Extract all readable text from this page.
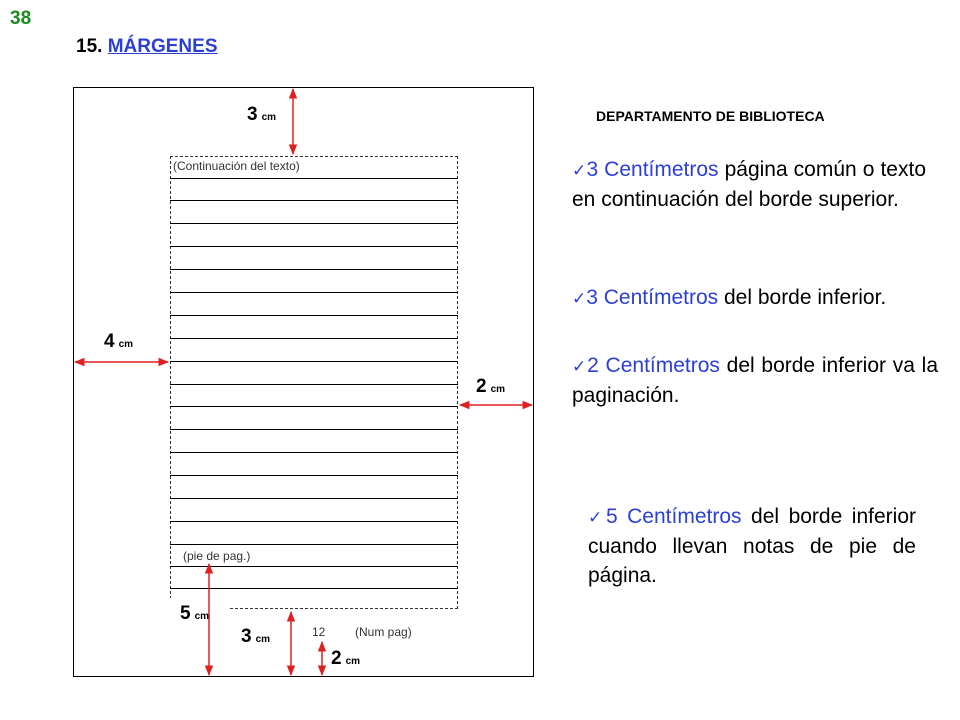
38
15. MÁRGENES
(Continuación del texto)
(pie de pag.)
12 (Num pag)
3 cm
4 cm
2 cm
5 cm
3 cm
2 cm
DEPARTAMENTO DE BIBLIOTECA
✓3 Centímetros página común o texto en continuación del borde superior.
✓3 Centímetros del borde inferior.
✓2 Centímetros del borde inferior va la paginación.
✓5 Centímetros del borde inferior cuando llevan notas de pie de página.
